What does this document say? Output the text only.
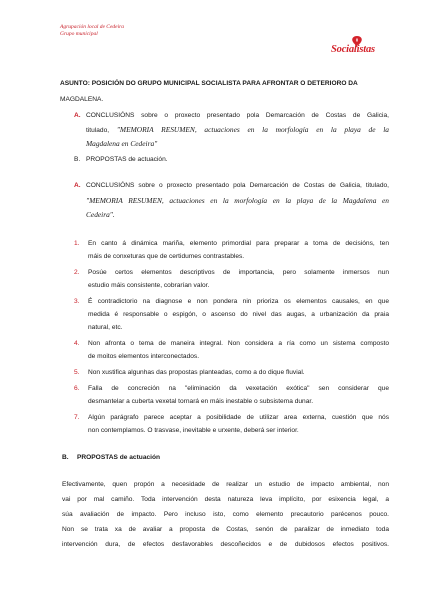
Agrupación local de Cedeira
Grupo municipal
Socialistas
ASUNTO: POSICIÓN DO GRUPO MUNICIPAL SOCIALISTA PARA AFRONTAR O DETERIORO DA
MAGDALENA.
A. CONCLUSIÓNS sobre o proxecto presentado pola Demarcación de Costas de Galicia,
titulado, "MEMORIA RESUMEN, actuaciones en la morfología en la playa de la
Magdalena en Cedeira"
B. PROPOSTAS de actuación.
A. CONCLUSIÓNS sobre o proxecto presentado pola Demarcación de Costas de Galicia, titulado,
"MEMORIA RESUMEN, actuaciones en la morfología en la playa de la Magdalena en
Cedeira".
1. En canto á dinámica mariña, elemento primordial para preparar a toma de decisións, ten
máis de conxeturas que de certidumes contrastables.
2. Posúe certos elementos descriptivos de importancia, pero solamente inmersos nun
estudio máis consistente, cobrarían valor.
3. É contradictorio na diagnose e non pondera nin prioriza os elementos causales, en que
medida é responsable o espigón, o ascenso do nivel das augas, a urbanización da praia
natural, etc.
4. Non afronta o tema de maneira integral. Non considera a ría como un sistema composto
de moitos elementos interconectados.
5. Non xustifica algunhas das propostas planteadas, como a do dique fluvial.
6. Falla de concreción na "eliminación da vexetación exótica" sen considerar que
desmantelar a cuberta vexetal tornará en máis inestable o subsistema dunar.
7. Algún parágrafo parece aceptar a posibilidade de utilizar area externa, cuestión que nós
non contemplamos. O trasvase, inevitable e urxente, deberá ser interior.
B. PROPOSTAS de actuación
Efectivamente, quen propón a necesidade de realizar un estudio de impacto ambiental, non
vai por mal camiño. Toda intervención desta natureza leva implícito, por esixencia legal, a
súa avaliación de impacto. Pero incluso isto, como elemento precautorio parécenos pouco.
Non se trata xa de avaliar a proposta de Costas, senón de paralizar de inmediato toda
intervención dura, de efectos desfavorables descoñecidos e de dubidosos efectos positivos.
